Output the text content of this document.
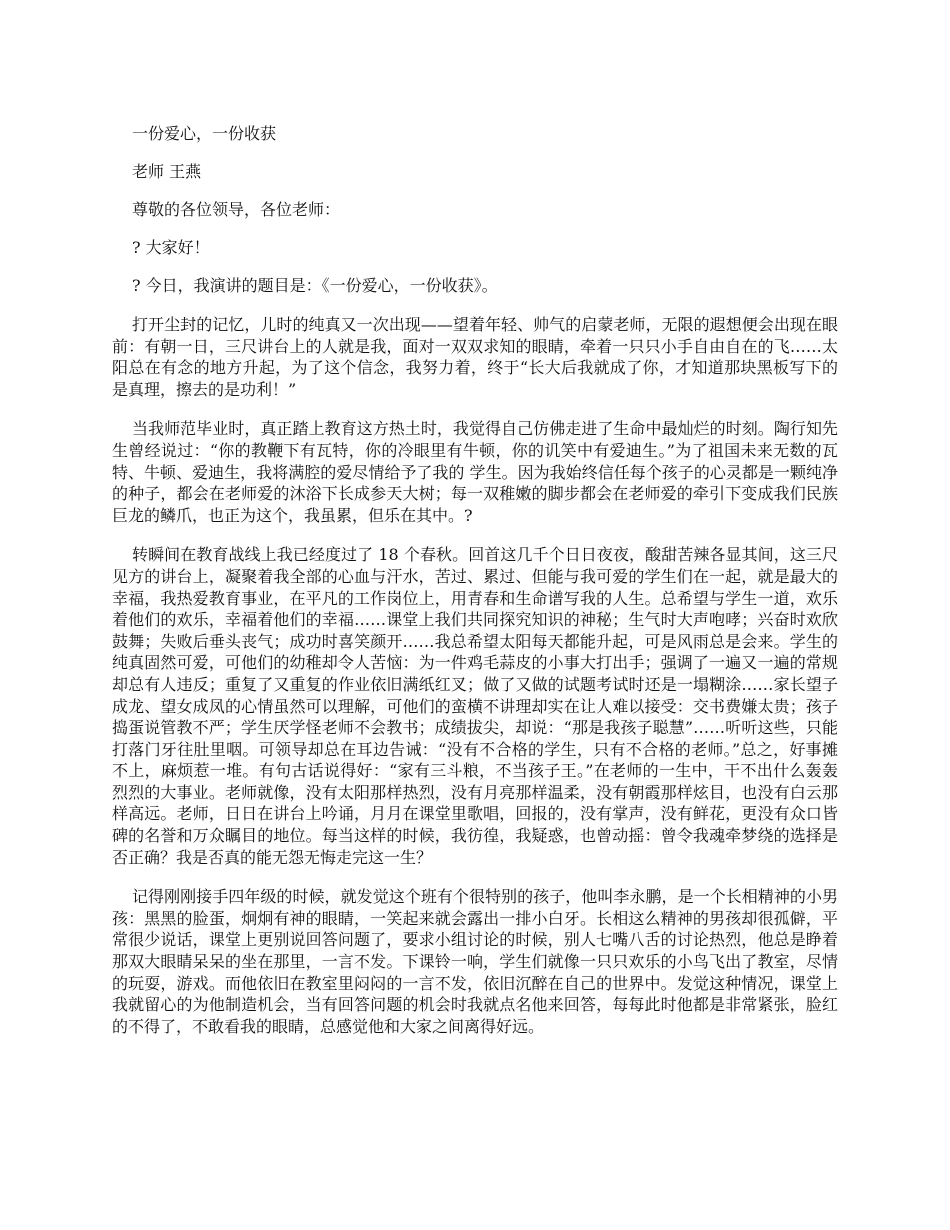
一份爱心，一份收获
老师 王燕
尊敬的各位领导，各位老师：
? 大家好！
? 今日，我演讲的题目是：《一份爱心，一份收获》。

打开尘封的记忆，儿时的纯真又一次出现——望着年轻、帅气的启蒙老师，无限的遐想便会出现在眼前：有朝一日，三尺讲台上的人就是我，面对一双双求知的眼睛，牵着一只只小手自由自在的飞……太阳总在有念的地方升起，为了这个信念，我努力着，终于“长大后我就成了你，才知道那块黑板写下的是真理，擦去的是功利！”

当我师范毕业时，真正踏上教育这方热土时，我觉得自己仿佛走进了生命中最灿烂的时刻。陶行知先生曾经说过：“你的教鞭下有瓦特，你的冷眼里有牛顿，你的讥笑中有爱迪生。”为了祖国未来无数的瓦特、牛顿、爱迪生，我将满腔的爱尽情给予了我的 学生。因为我始终信任每个孩子的心灵都是一颗纯净的种子，都会在老师爱的沐浴下长成参天大树；每一双稚嫩的脚步都会在老师爱的牵引下变成我们民族巨龙的鳞爪，也正为这个，我虽累，但乐在其中。?

转瞬间在教育战线上我已经度过了 18 个春秋。回首这几千个日日夜夜，酸甜苦辣各显其间，这三尺见方的讲台上，凝聚着我全部的心血与汗水，苦过、累过、但能与我可爱的学生们在一起，就是最大的幸福，我热爱教育事业，在平凡的工作岗位上，用青春和生命谱写我的人生。总希望与学生一道，欢乐着他们的欢乐，幸福着他们的幸福……课堂上我们共同探究知识的神秘；生气时大声咆哮；兴奋时欢欣鼓舞；失败后垂头丧气；成功时喜笑颜开……我总希望太阳每天都能升起，可是风雨总是会来。学生的纯真固然可爱，可他们的幼稚却令人苦恼：为一件鸡毛蒜皮的小事大打出手；强调了一遍又一遍的常规却总有人违反；重复了又重复的作业依旧满纸红叉；做了又做的试题考试时还是一塌糊涂……家长望子成龙、望女成凤的心情虽然可以理解，可他们的蛮横不讲理却实在让人难以接受：交书费嫌太贵；孩子捣蛋说管教不严；学生厌学怪老师不会教书；成绩拔尖，却说：“那是我孩子聪慧”……听听这些，只能打落门牙往肚里咽。可领导却总在耳边告诫：“没有不合格的学生，只有不合格的老师。”总之，好事摊不上，麻烦惹一堆。有句古话说得好：“家有三斗粮，不当孩子王。”在老师的一生中，干不出什么轰轰烈烈的大事业。老师就像，没有太阳那样热烈，没有月亮那样温柔，没有朝霞那样炫目，也没有白云那样高远。老师，日日在讲台上吟诵，月月在课堂里歌唱，回报的，没有掌声，没有鲜花，更没有众口皆碑的名誉和万众瞩目的地位。每当这样的时候，我彷徨，我疑惑，也曾动摇：曾令我魂牵梦绕的选择是否正确？我是否真的能无怨无悔走完这一生？

记得刚刚接手四年级的时候，就发觉这个班有个很特别的孩子，他叫李永鹏，是一个长相精神的小男孩：黑黑的脸蛋，炯炯有神的眼睛，一笑起来就会露出一排小白牙。长相这么精神的男孩却很孤僻，平常很少说话，课堂上更别说回答问题了，要求小组讨论的时候，别人七嘴八舌的讨论热烈，他总是睁着那双大眼睛呆呆的坐在那里，一言不发。下课铃一响，学生们就像一只只欢乐的小鸟飞出了教室，尽情的玩耍，游戏。而他依旧在教室里闷闷的一言不发，依旧沉醉在自己的世界中。发觉这种情况，课堂上我就留心的为他制造机会，当有回答问题的机会时我就点名他来回答，每每此时他都是非常紧张，脸红的不得了，不敢看我的眼睛，总感觉他和大家之间离得好远。
